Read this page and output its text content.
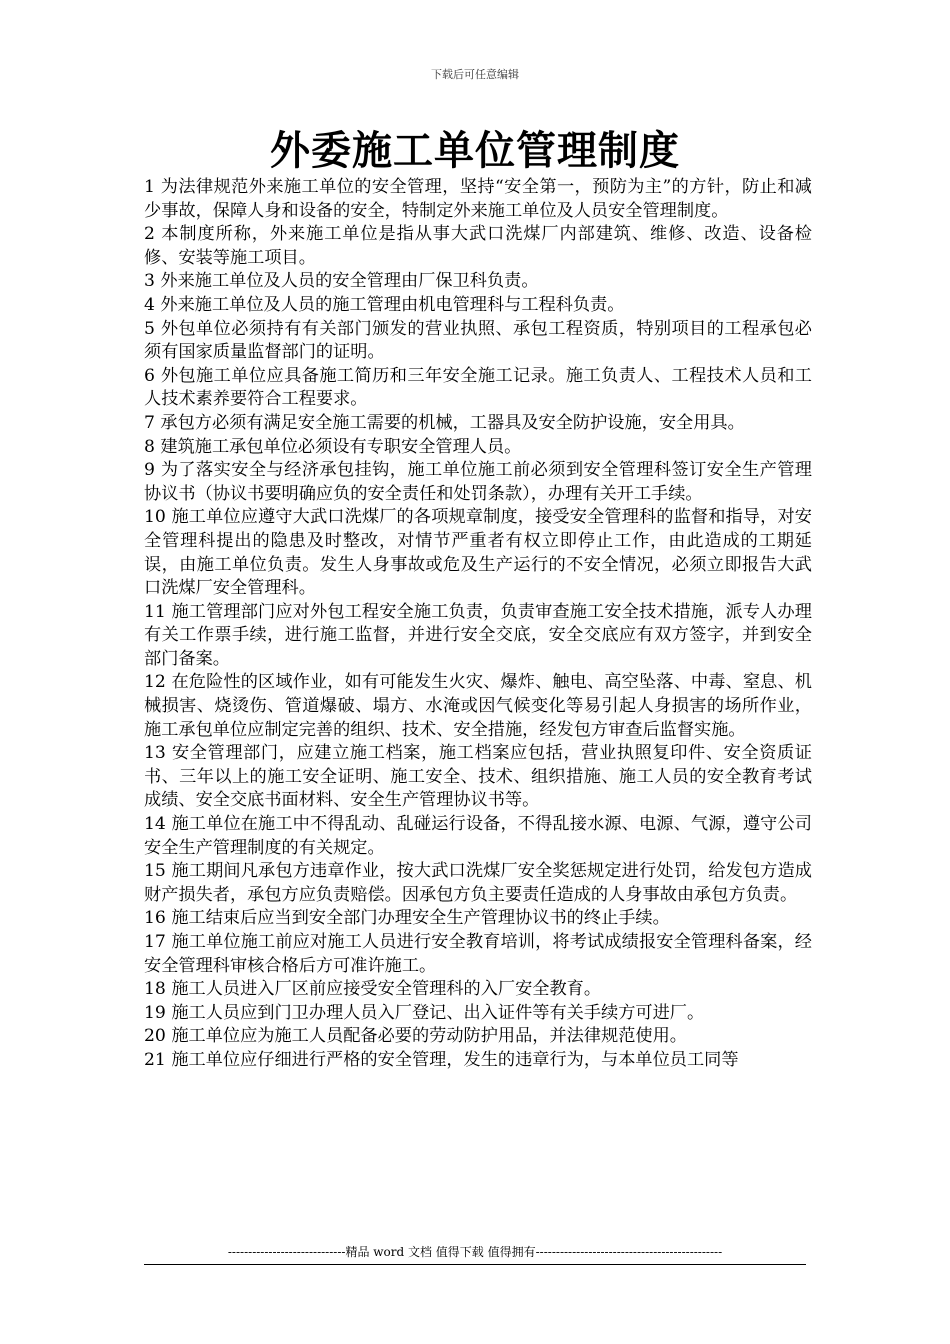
下载后可任意编辑
外委施工单位管理制度

1 为法律规范外来施工单位的安全管理，坚持“安全第一，预防为主”的方针，防止和减少事故，保障人身和设备的安全，特制定外来施工单位及人员安全管理制度。

2 本制度所称，外来施工单位是指从事大武口洗煤厂内部建筑、维修、改造、设备检修、安装等施工项目。

3 外来施工单位及人员的安全管理由厂保卫科负责。

4 外来施工单位及人员的施工管理由机电管理科与工程科负责。

5 外包单位必须持有有关部门颁发的营业执照、承包工程资质，特别项目的工程承包必须有国家质量监督部门的证明。

6 外包施工单位应具备施工简历和三年安全施工记录。施工负责人、工程技术人员和工人技术素养要符合工程要求。

7 承包方必须有满足安全施工需要的机械，工器具及安全防护设施，安全用具。

8 建筑施工承包单位必须设有专职安全管理人员。

9 为了落实安全与经济承包挂钩，施工单位施工前必须到安全管理科签订安全生产管理协议书（协议书要明确应负的安全责任和处罚条款），办理有关开工手续。

10 施工单位应遵守大武口洗煤厂的各项规章制度，接受安全管理科的监督和指导，对安全管理科提出的隐患及时整改，对情节严重者有权立即停止工作，由此造成的工期延误，由施工单位负责。发生人身事故或危及生产运行的不安全情况，必须立即报告大武口洗煤厂安全管理科。

11 施工管理部门应对外包工程安全施工负责，负责审查施工安全技术措施，派专人办理有关工作票手续，进行施工监督，并进行安全交底，安全交底应有双方签字，并到安全部门备案。

12 在危险性的区域作业，如有可能发生火灾、爆炸、触电、高空坠落、中毒、窒息、机械损害、烧烫伤、管道爆破、塌方、水淹或因气候变化等易引起人身损害的场所作业，施工承包单位应制定完善的组织、技术、安全措施，经发包方审查后监督实施。

13 安全管理部门，应建立施工档案，施工档案应包括，营业执照复印件、安全资质证书、三年以上的施工安全证明、施工安全、技术、组织措施、施工人员的安全教育考试成绩、安全交底书面材料、安全生产管理协议书等。

14 施工单位在施工中不得乱动、乱碰运行设备，不得乱接水源、电源、气源，遵守公司安全生产管理制度的有关规定。

15 施工期间凡承包方违章作业，按大武口洗煤厂安全奖惩规定进行处罚，给发包方造成财产损失者，承包方应负责赔偿。因承包方负主要责任造成的人身事故由承包方负责。

16 施工结束后应当到安全部门办理安全生产管理协议书的终止手续。

17 施工单位施工前应对施工人员进行安全教育培训，将考试成绩报安全管理科备案，经安全管理科审核合格后方可准许施工。

18 施工人员进入厂区前应接受安全管理科的入厂安全教育。

19 施工人员应到门卫办理人员入厂登记、出入证件等有关手续方可进厂。

20 施工单位应为施工人员配备必要的劳动防护用品，并法律规范使用。

21 施工单位应仔细进行严格的安全管理，发生的违章行为，与本单位员工同等

-----------------------------精品 word 文档 值得下载 值得拥有----------------------------------------------
